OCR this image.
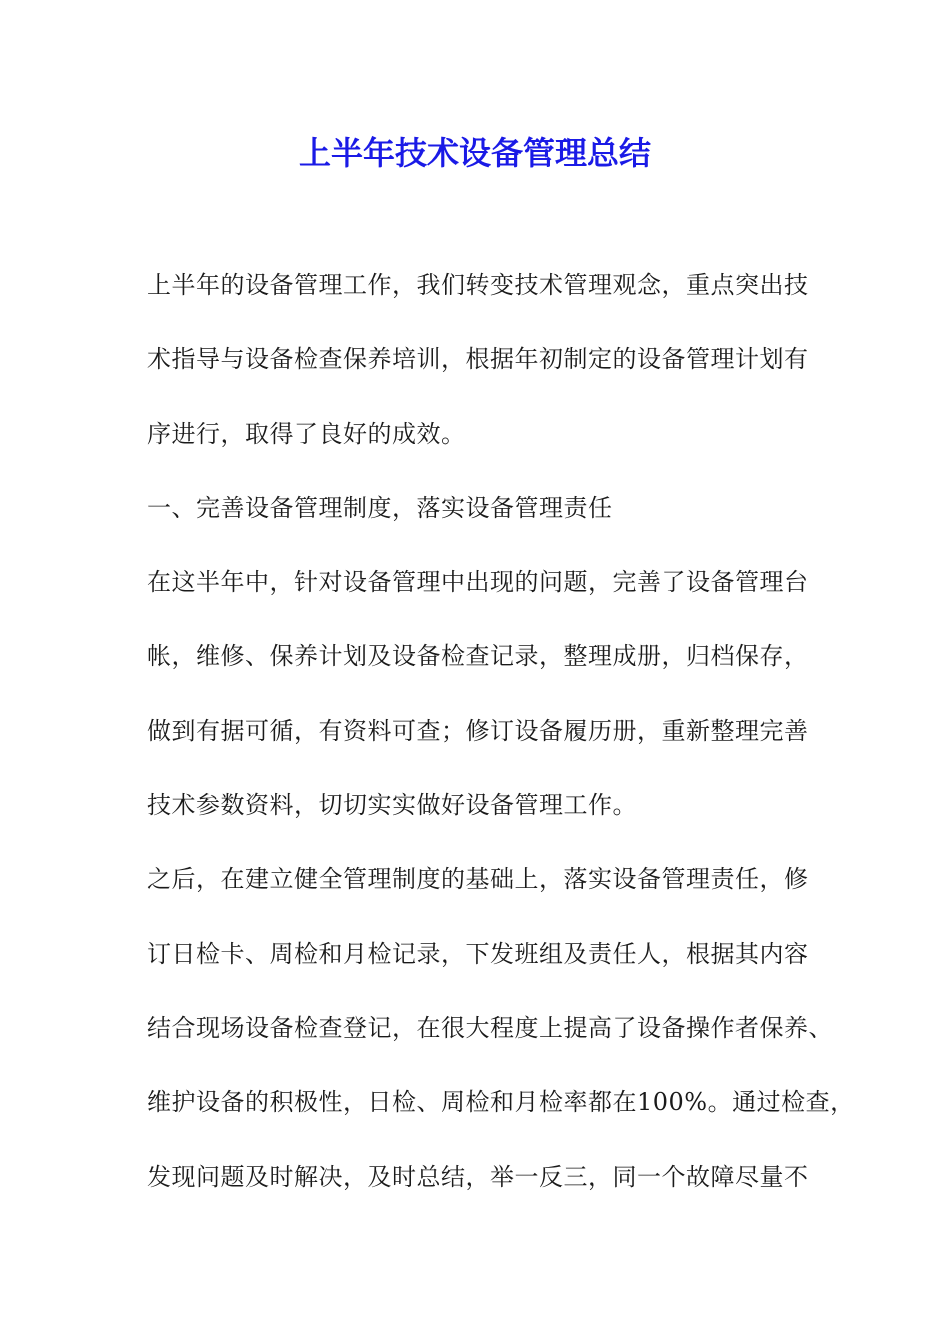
上半年技术设备管理总结
上半年的设备管理工作，我们转变技术管理观念，重点突出技
术指导与设备检查保养培训，根据年初制定的设备管理计划有
序进行，取得了良好的成效。
一、完善设备管理制度，落实设备管理责任
在这半年中，针对设备管理中出现的问题，完善了设备管理台
帐，维修、保养计划及设备检查记录，整理成册，归档保存，
做到有据可循，有资料可查；修订设备履历册，重新整理完善
技术参数资料，切切实实做好设备管理工作。
之后，在建立健全管理制度的基础上，落实设备管理责任，修
订日检卡、周检和月检记录，下发班组及责任人，根据其内容
结合现场设备检查登记，在很大程度上提高了设备操作者保养、
维护设备的积极性，日检、周检和月检率都在100%。通过检查，
发现问题及时解决，及时总结，举一反三，同一个故障尽量不
